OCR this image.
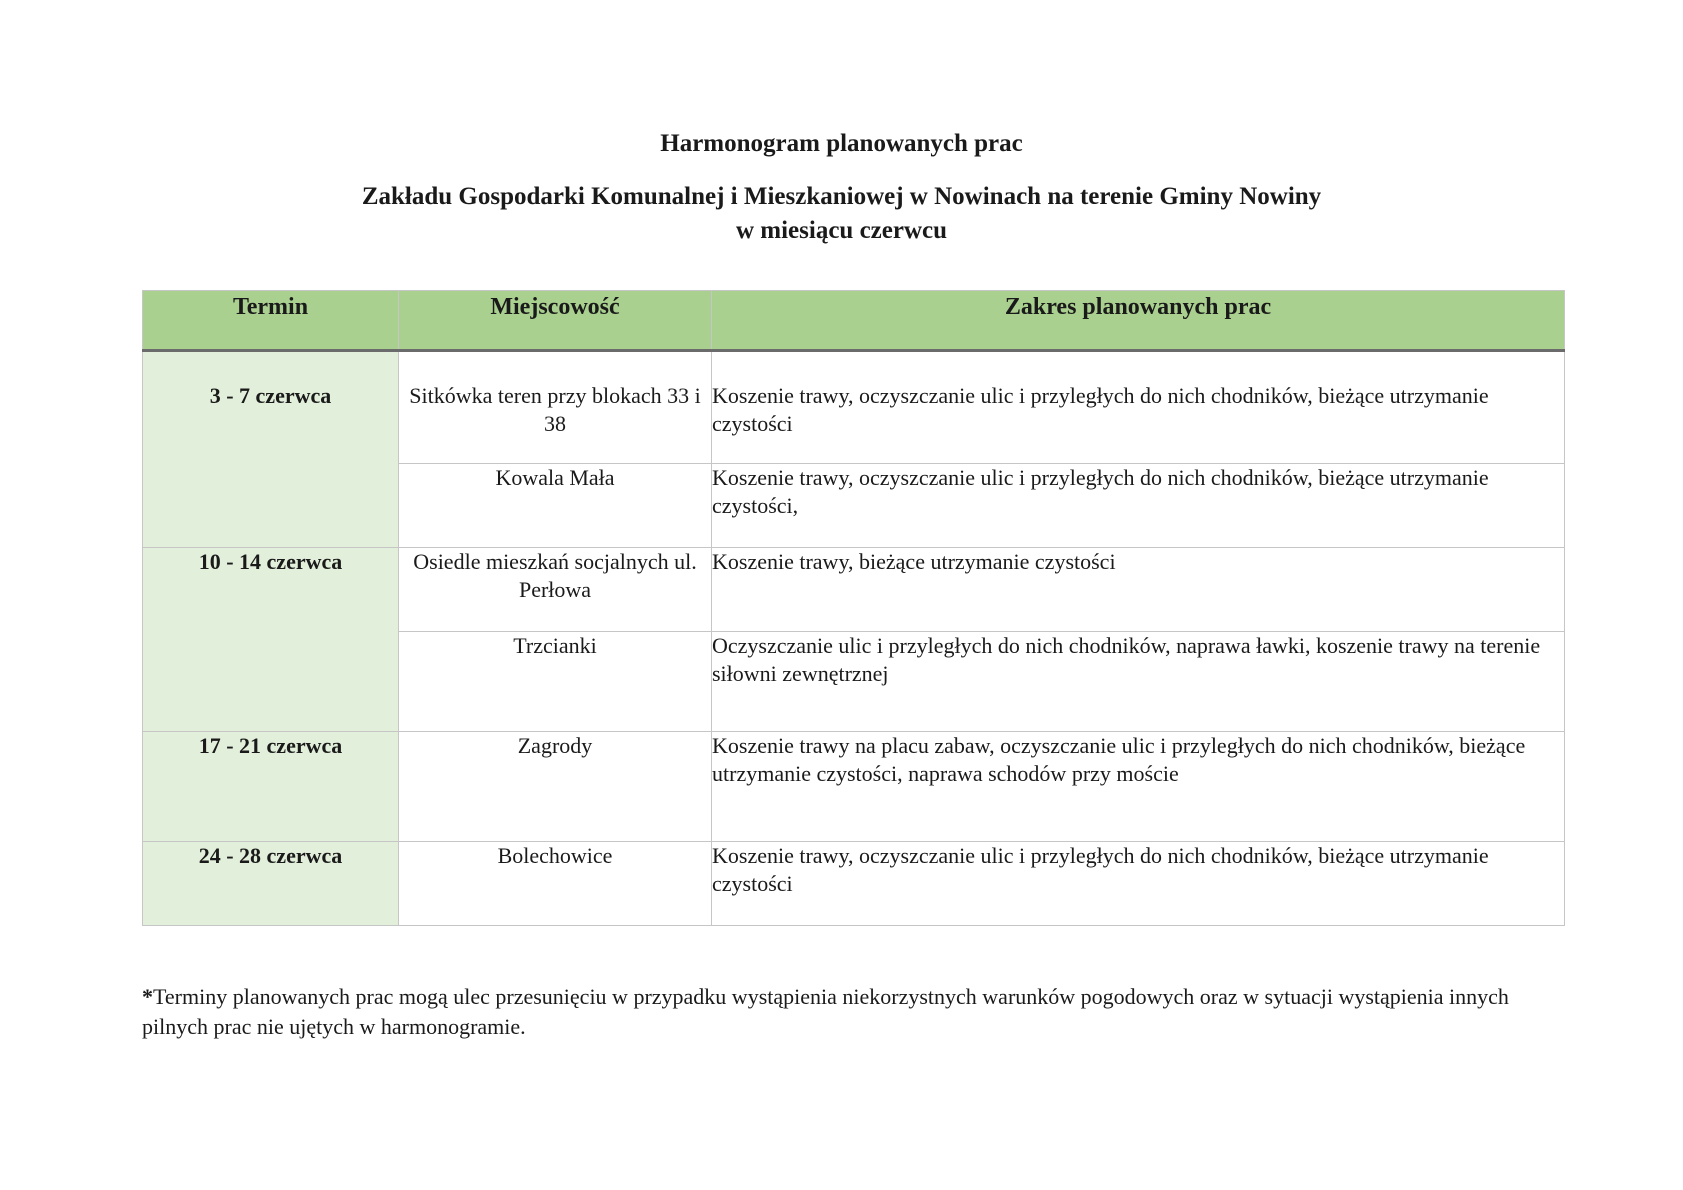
Harmonogram planowanych prac
Zakładu Gospodarki Komunalnej i Mieszkaniowej w Nowinach na terenie Gminy Nowiny
w miesiącu czerwcu
Termin	Miejscowość	Zakres planowanych prac
3 - 7 czerwca	Sitkówka teren przy blokach 33 i 38	Koszenie trawy, oczyszczanie ulic i przyległych do nich chodników, bieżące utrzymanie czystości
	Kowala Mała	Koszenie trawy, oczyszczanie ulic i przyległych do nich chodników, bieżące utrzymanie czystości,
10 - 14 czerwca	Osiedle mieszkań socjalnych ul. Perłowa	Koszenie trawy, bieżące utrzymanie czystości
	Trzcianki	Oczyszczanie ulic i przyległych do nich chodników, naprawa ławki, koszenie trawy na terenie siłowni zewnętrznej
17 - 21 czerwca	Zagrody	Koszenie trawy na placu zabaw, oczyszczanie ulic i przyległych do nich chodników, bieżące utrzymanie czystości, naprawa schodów przy moście
24 - 28 czerwca	Bolechowice	Koszenie trawy, oczyszczanie ulic i przyległych do nich chodników, bieżące utrzymanie czystości

*Terminy planowanych prac mogą ulec przesunięciu w przypadku wystąpienia niekorzystnych warunków pogodowych oraz w sytuacji wystąpienia innych pilnych prac nie ujętych w harmonogramie.
